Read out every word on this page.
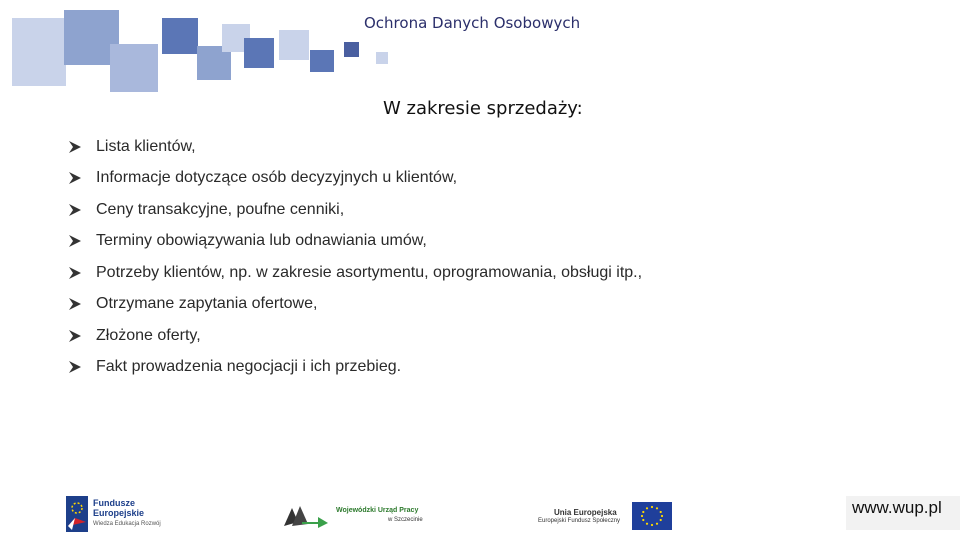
Ochrona Danych Osobowych
W zakresie sprzedaży:
Lista klientów,
Informacje dotyczące osób decyzyjnych u klientów,
Ceny transakcyjne, poufne cenniki,
Terminy obowiązywania lub odnawiania umów,
Potrzeby klientów, np. w zakresie asortymentu, oprogramowania, obsługi itp.,
Otrzymane zapytania ofertowe,
Złożone oferty,
Fakt prowadzenia negocjacji i ich przebieg.
Fundusze
Europejskie
Wiedza Edukacja Rozwój
Wojewódzki Urząd Pracy
w Szczecinie
Unia Europejska
Europejski Fundusz Społeczny
www.wup.pl
